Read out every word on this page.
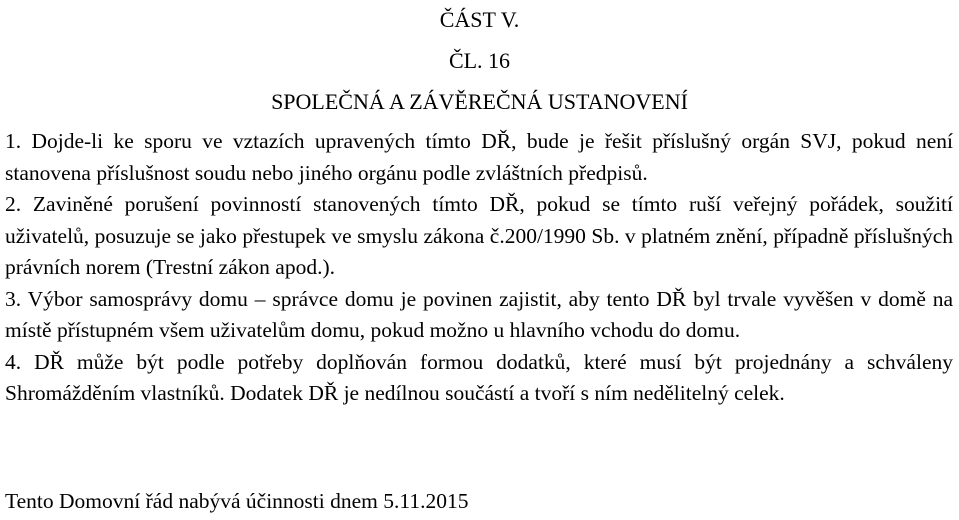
ČÁST V.
ČL. 16
SPOLEČNÁ A ZÁVĚREČNÁ USTANOVENÍ

1. Dojde-li ke sporu ve vztazích upravených tímto DŘ, bude je řešit příslušný orgán SVJ, pokud není stanovena příslušnost soudu nebo jiného orgánu podle zvláštních předpisů.

2. Zaviněné porušení povinností stanovených tímto DŘ, pokud se tímto ruší veřejný pořádek, soužití uživatelů, posuzuje se jako přestupek ve smyslu zákona č.200/1990 Sb. v platném znění, případně příslušných právních norem (Trestní zákon apod.).

3. Výbor samosprávy domu – správce domu je povinen zajistit, aby tento DŘ byl trvale vyvěšen v domě na místě přístupném všem uživatelům domu, pokud možno u hlavního vchodu do domu.

4. DŘ může být podle potřeby doplňován formou dodatků, které musí být projednány a schváleny Shromážděním vlastníků. Dodatek DŘ je nedílnou součástí a tvoří s ním nedělitelný celek.

Tento Domovní řád nabývá účinnosti dnem 5.11.2015
